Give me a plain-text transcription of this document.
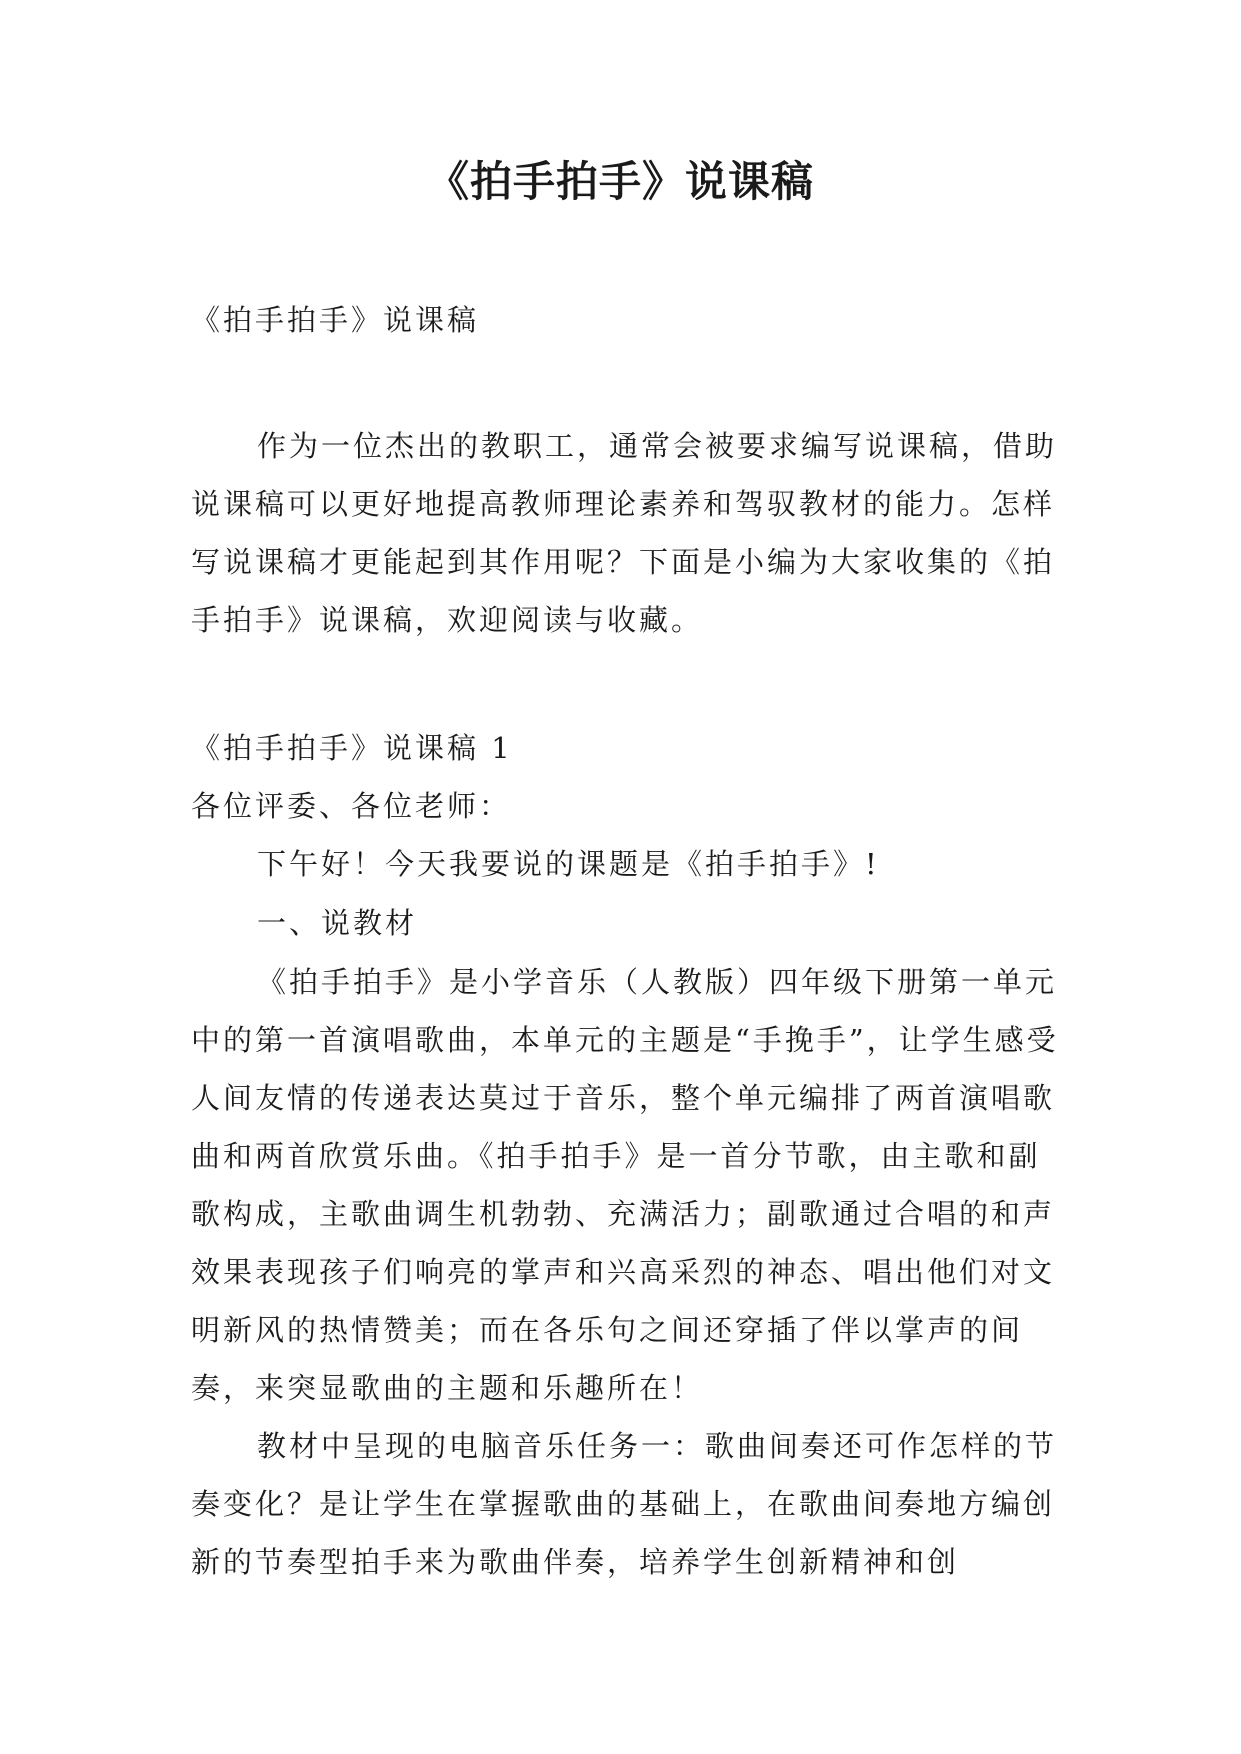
《拍手拍手》说课稿

《拍手拍手》说课稿

作为一位杰出的教职工，通常会被要求编写说课稿，借助说课稿可以更好地提高教师理论素养和驾驭教材的能力。怎样写说课稿才更能起到其作用呢？下面是小编为大家收集的《拍手拍手》说课稿，欢迎阅读与收藏。

《拍手拍手》说课稿 1

各位评委、各位老师：

下午好！今天我要说的课题是《拍手拍手》!

一、说教材

《拍手拍手》是小学音乐（人教版）四年级下册第一单元中的第一首演唱歌曲，本单元的主题是“手挽手”，让学生感受人间友情的传递表达莫过于音乐，整个单元编排了两首演唱歌曲和两首欣赏乐曲。《拍手拍手》是一首分节歌，由主歌和副歌构成，主歌曲调生机勃勃、充满活力；副歌通过合唱的和声效果表现孩子们响亮的掌声和兴高采烈的神态、唱出他们对文明新风的热情赞美；而在各乐句之间还穿插了伴以掌声的间奏，来突显歌曲的主题和乐趣所在！

教材中呈现的电脑音乐任务一：歌曲间奏还可作怎样的节奏变化？是让学生在掌握歌曲的基础上，在歌曲间奏地方编创新的节奏型拍手来为歌曲伴奏，培养学生创新精神和创
